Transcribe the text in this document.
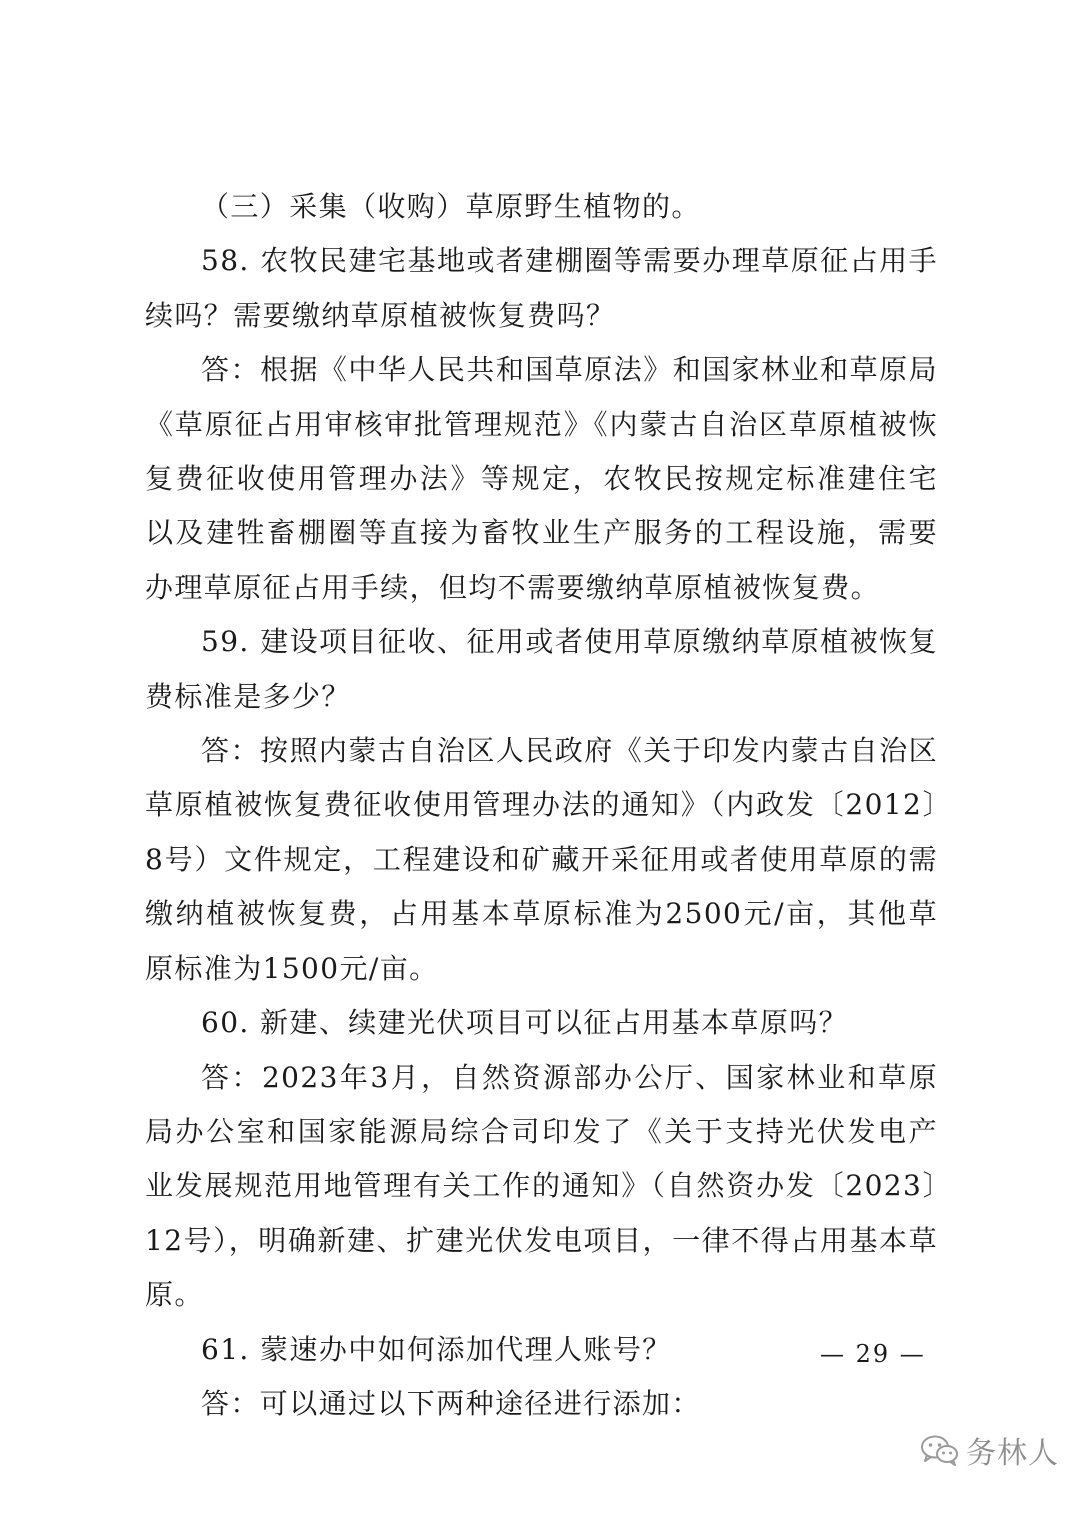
（三）采集（收购）草原野生植物的。

58. 农牧民建宅基地或者建棚圈等需要办理草原征占用手续吗？需要缴纳草原植被恢复费吗？

答：根据《中华人民共和国草原法》和国家林业和草原局《草原征占用审核审批管理规范》《内蒙古自治区草原植被恢复费征收使用管理办法》等规定，农牧民按规定标准建住宅以及建牲畜棚圈等直接为畜牧业生产服务的工程设施，需要办理草原征占用手续，但均不需要缴纳草原植被恢复费。

59. 建设项目征收、征用或者使用草原缴纳草原植被恢复费标准是多少？

答：按照内蒙古自治区人民政府《关于印发内蒙古自治区草原植被恢复费征收使用管理办法的通知》（内政发〔2012〕8号）文件规定，工程建设和矿藏开采征用或者使用草原的需缴纳植被恢复费，占用基本草原标准为2500元/亩，其他草原标准为1500元/亩。

60. 新建、续建光伏项目可以征占用基本草原吗？

答：2023年3月，自然资源部办公厅、国家林业和草原局办公室和国家能源局综合司印发了《关于支持光伏发电产业发展规范用地管理有关工作的通知》（自然资办发〔2023〕12号），明确新建、扩建光伏发电项目，一律不得占用基本草原。

61. 蒙速办中如何添加代理人账号？

答：可以通过以下两种途径进行添加：

— 29 —
务林人
